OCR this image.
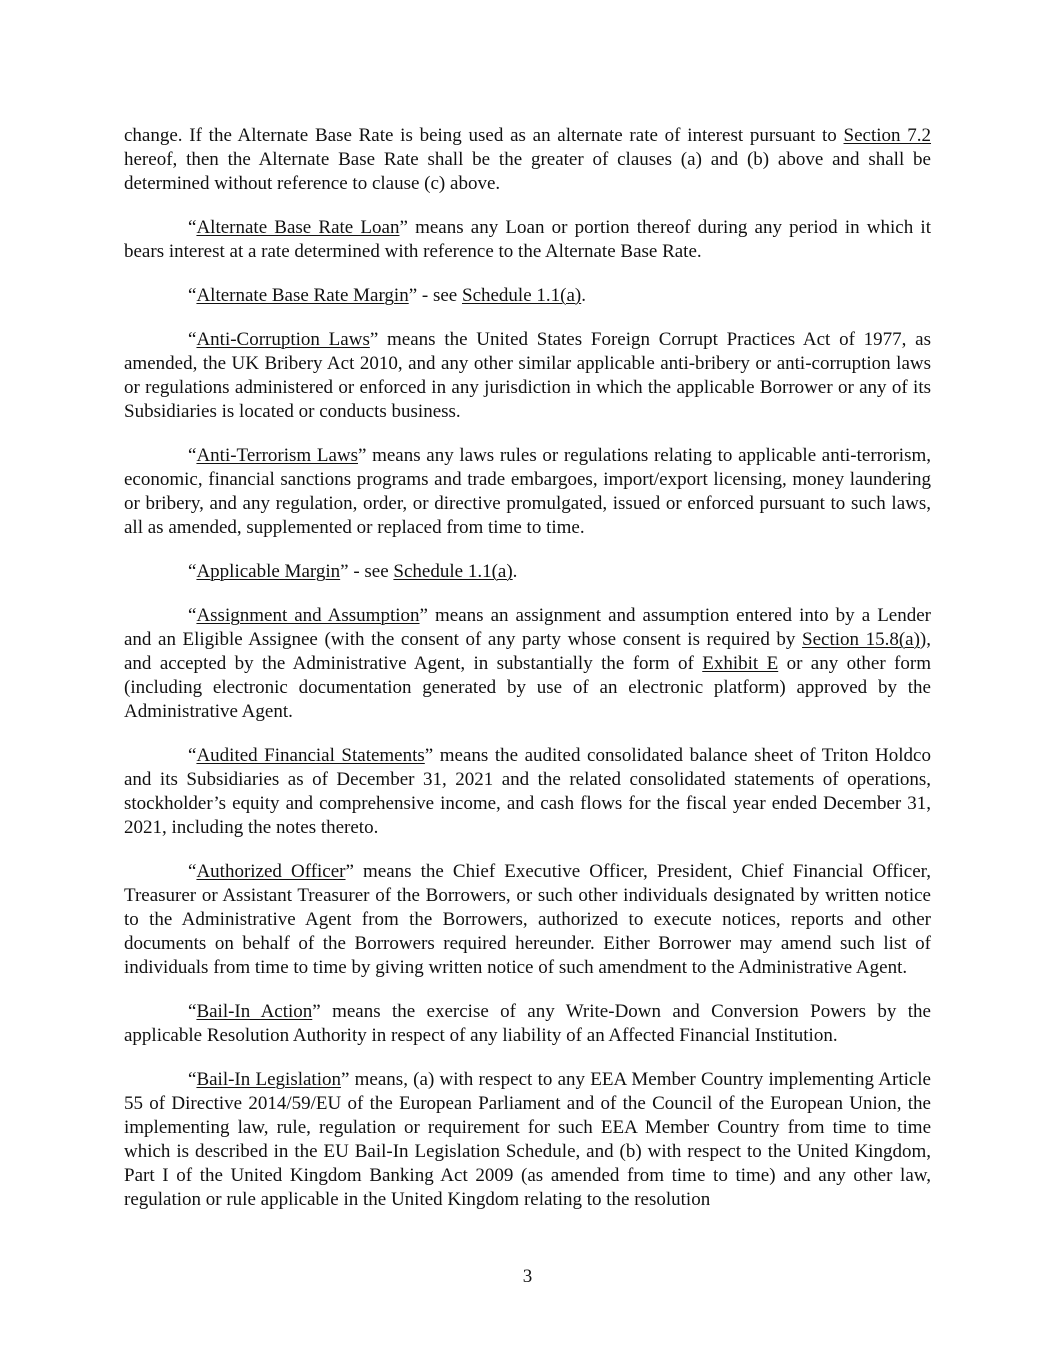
change. If the Alternate Base Rate is being used as an alternate rate of interest pursuant to Section 7.2 hereof, then the Alternate Base Rate shall be the greater of clauses (a) and (b) above and shall be determined without reference to clause (c) above.

“Alternate Base Rate Loan” means any Loan or portion thereof during any period in which it bears interest at a rate determined with reference to the Alternate Base Rate.

“Alternate Base Rate Margin” - see Schedule 1.1(a).

“Anti-Corruption Laws” means the United States Foreign Corrupt Practices Act of 1977, as amended, the UK Bribery Act 2010, and any other similar applicable anti-bribery or anti-corruption laws or regulations administered or enforced in any jurisdiction in which the applicable Borrower or any of its Subsidiaries is located or conducts business.

“Anti-Terrorism Laws” means any laws rules or regulations relating to applicable anti-terrorism, economic, financial sanctions programs and trade embargoes, import/export licensing, money laundering or bribery, and any regulation, order, or directive promulgated, issued or enforced pursuant to such laws, all as amended, supplemented or replaced from time to time.

“Applicable Margin” - see Schedule 1.1(a).

“Assignment and Assumption” means an assignment and assumption entered into by a Lender and an Eligible Assignee (with the consent of any party whose consent is required by Section 15.8(a)), and accepted by the Administrative Agent, in substantially the form of Exhibit E or any other form (including electronic documentation generated by use of an electronic platform) approved by the Administrative Agent.

“Audited Financial Statements” means the audited consolidated balance sheet of Triton Holdco and its Subsidiaries as of December 31, 2021 and the related consolidated statements of operations, stockholder’s equity and comprehensive income, and cash flows for the fiscal year ended December 31, 2021, including the notes thereto.

“Authorized Officer” means the Chief Executive Officer, President, Chief Financial Officer, Treasurer or Assistant Treasurer of the Borrowers, or such other individuals designated by written notice to the Administrative Agent from the Borrowers, authorized to execute notices, reports and other documents on behalf of the Borrowers required hereunder. Either Borrower may amend such list of individuals from time to time by giving written notice of such amendment to the Administrative Agent.

“Bail-In Action” means the exercise of any Write-Down and Conversion Powers by the applicable Resolution Authority in respect of any liability of an Affected Financial Institution.

“Bail-In Legislation” means, (a) with respect to any EEA Member Country implementing Article 55 of Directive 2014/59/EU of the European Parliament and of the Council of the European Union, the implementing law, rule, regulation or requirement for such EEA Member Country from time to time which is described in the EU Bail-In Legislation Schedule, and (b) with respect to the United Kingdom, Part I of the United Kingdom Banking Act 2009 (as amended from time to time) and any other law, regulation or rule applicable in the United Kingdom relating to the resolution

3
